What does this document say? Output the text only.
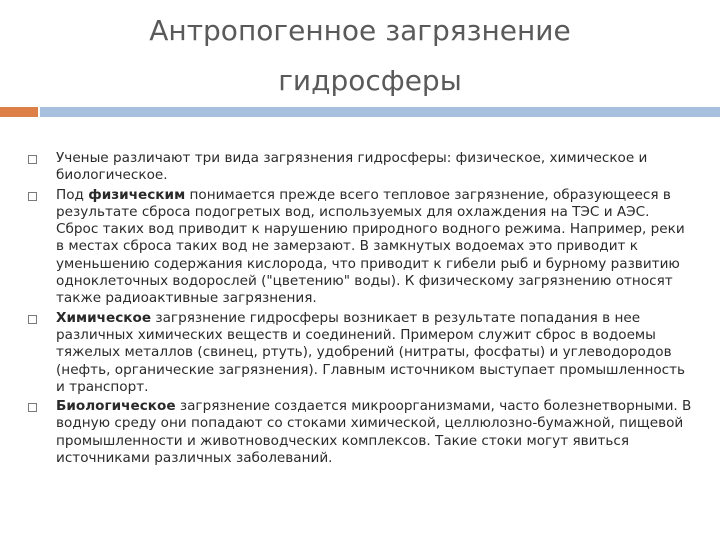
Антропогенное загрязнение
гидросферы
Ученые различают три вида загрязнения гидросферы: физическое, химическое и биологическое.
Под физическим понимается прежде всего тепловое загрязнение, образующееся в результате сброса подогретых вод, используемых для охлаждения на ТЭС и АЭС. Сброс таких вод приводит к нарушению природного водного режима. Например, реки в местах сброса таких вод не замерзают. В замкнутых водоемах это приводит к уменьшению содержания кислорода, что приводит к гибели рыб и бурному развитию одноклеточных водорослей ("цветению" воды). К физическому загрязнению относят также радиоактивные загрязнения.
Химическое загрязнение гидросферы возникает в результате попадания в нее различных химических веществ и соединений. Примером служит сброс в водоемы тяжелых металлов (свинец, ртуть), удобрений (нитраты, фосфаты) и углеводородов (нефть, органические загрязнения). Главным источником выступает промышленность и транспорт.
Биологическое загрязнение создается микроорганизмами, часто болезнетворными. В водную среду они попадают со стоками химической, целлюлозно-бумажной, пищевой промышленности и животноводческих комплексов. Такие стоки могут явиться источниками различных заболеваний.
